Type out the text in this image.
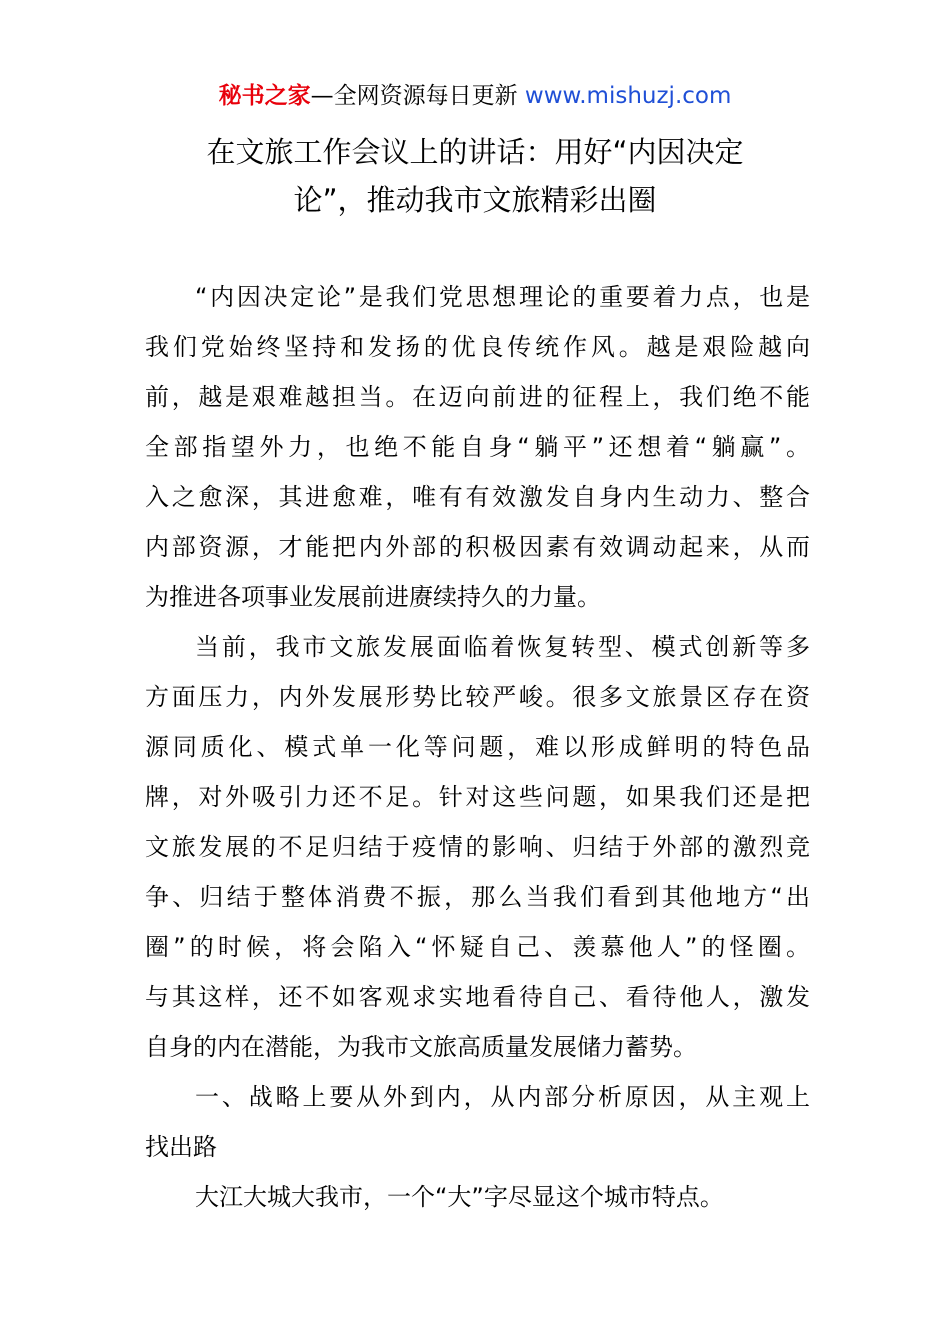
秘书之家—全网资源每日更新 www.mishuzj.com
在文旅工作会议上的讲话：用好“内因决定
论”，推动我市文旅精彩出圈
“内因决定论”是我们党思想理论的重要着力点，也是
我们党始终坚持和发扬的优良传统作风。越是艰险越向
前，越是艰难越担当。在迈向前进的征程上，我们绝不能
全部指望外力，也绝不能自身“躺平”还想着“躺赢”。
入之愈深，其进愈难，唯有有效激发自身内生动力、整合
内部资源，才能把内外部的积极因素有效调动起来，从而
为推进各项事业发展前进赓续持久的力量。
当前，我市文旅发展面临着恢复转型、模式创新等多
方面压力，内外发展形势比较严峻。很多文旅景区存在资
源同质化、模式单一化等问题，难以形成鲜明的特色品
牌，对外吸引力还不足。针对这些问题，如果我们还是把
文旅发展的不足归结于疫情的影响、归结于外部的激烈竞
争、归结于整体消费不振，那么当我们看到其他地方“出
圈”的时候，将会陷入“怀疑自己、羡慕他人”的怪圈。
与其这样，还不如客观求实地看待自己、看待他人，激发
自身的内在潜能，为我市文旅高质量发展储力蓄势。
一、战略上要从外到内，从内部分析原因，从主观上
找出路
大江大城大我市，一个“大”字尽显这个城市特点。
